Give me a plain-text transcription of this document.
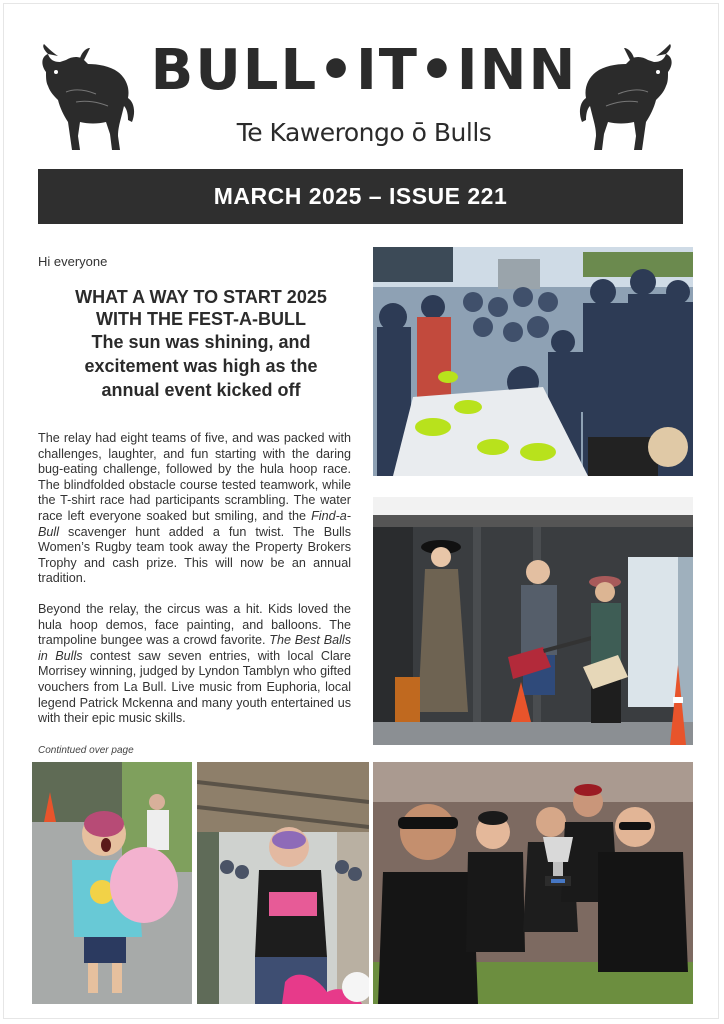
BULL•IT•INN
Te Kawerongo ō Bulls
MARCH 2025 – ISSUE 221
Hi everyone
WHAT A WAY TO START 2025
WITH THE FEST-A-BULL
The sun was shining, and
excitement was high as the
annual event kicked off

The relay had eight teams of five, and was packed with challenges, laughter, and fun starting with the daring bug-eating challenge, followed by the hula hoop race. The blindfolded obstacle course tested teamwork, while the T-shirt race had participants scrambling. The water race left everyone soaked but smiling, and the Find-a-Bull scavenger hunt added a fun twist. The Bulls Women’s Rugby team took away the Property Brokers Trophy and cash prize. This will now be an annual tradition.

Beyond the relay, the circus was a hit. Kids loved the hula hoop demos, face painting, and balloons. The trampoline bungee was a crowd favorite. The Best Balls in Bulls contest saw seven entries, with local Clare Morrisey winning, judged by Lyndon Tamblyn who gifted vouchers from La Bull. Live music from Euphoria, local legend Patrick Mckenna and many youth entertained us with their epic music skills.

Contintued over page
